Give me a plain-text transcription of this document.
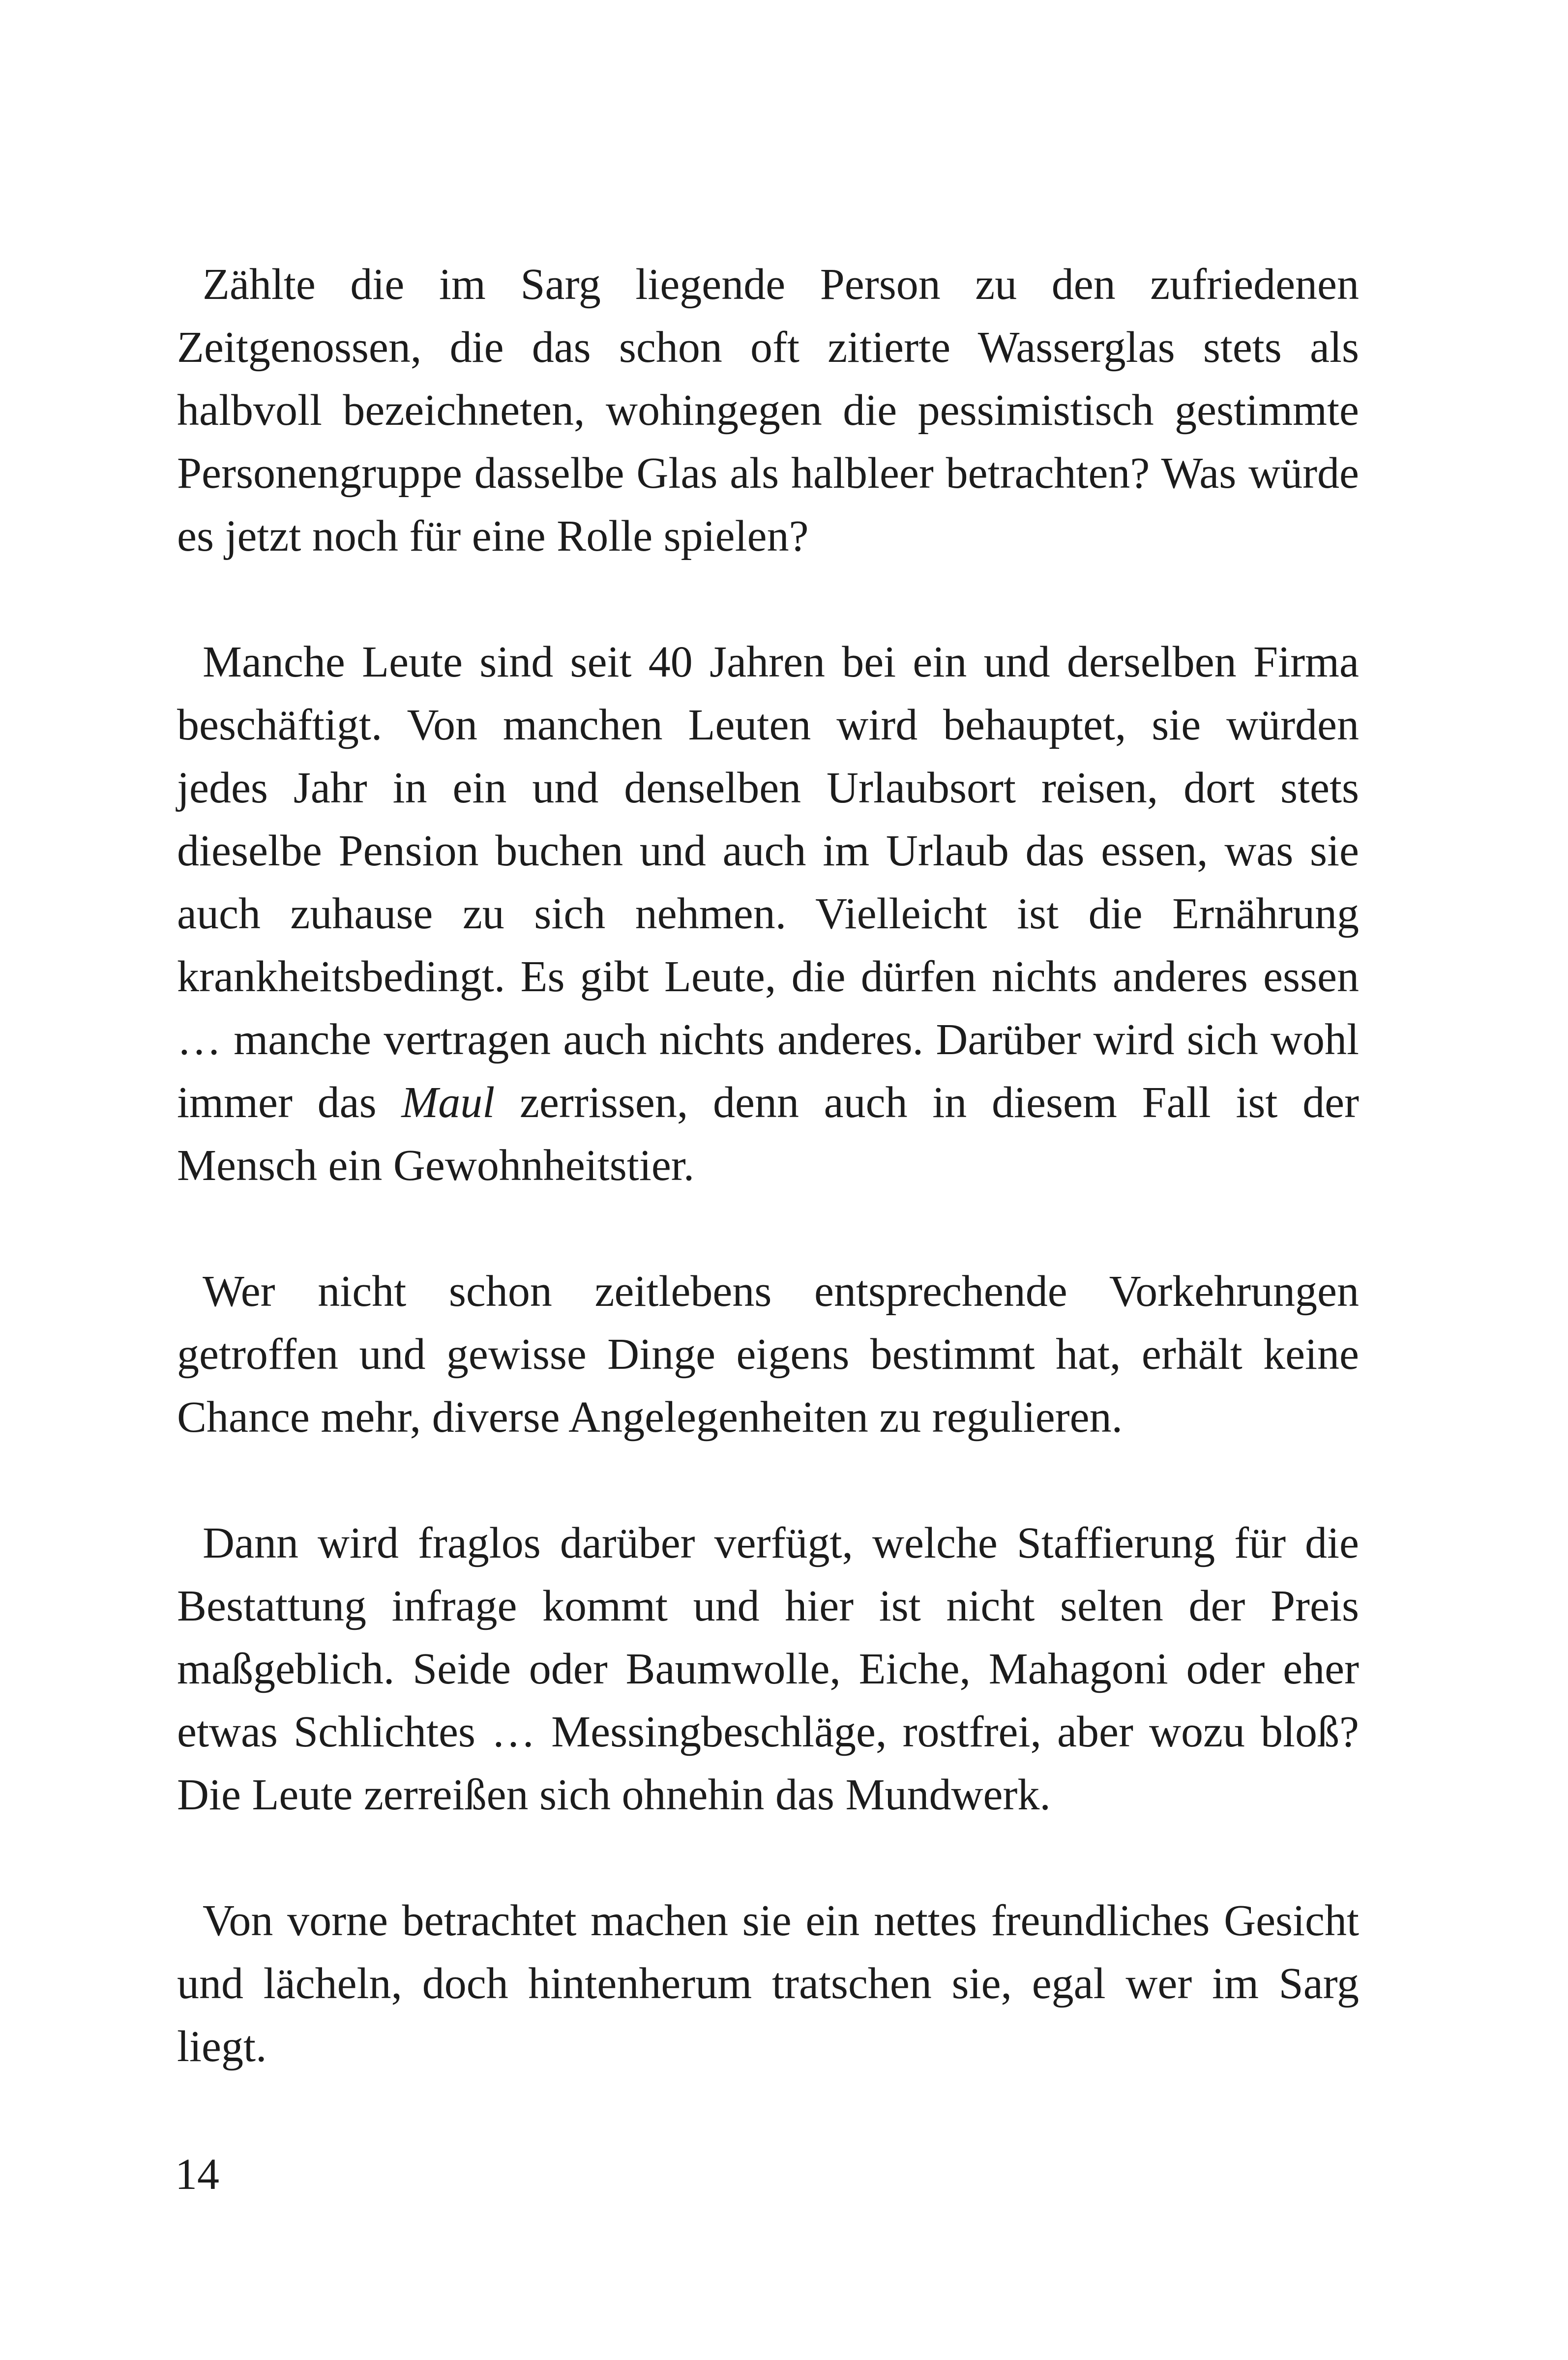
Zählte die im Sarg liegende Person zu den zufriedenen Zeitgenossen, die das schon oft zitierte Wasserglas stets als halbvoll bezeichneten, wohingegen die pessimistisch gestimmte Personengruppe dasselbe Glas als halbleer betrachten? Was würde es jetzt noch für eine Rolle spielen?

Manche Leute sind seit 40 Jahren bei ein und derselben Firma beschäftigt. Von manchen Leuten wird behauptet, sie würden jedes Jahr in ein und denselben Urlaubsort reisen, dort stets dieselbe Pension buchen und auch im Urlaub das essen, was sie auch zuhause zu sich nehmen. Vielleicht ist die Ernährung krankheitsbedingt. Es gibt Leute, die dürfen nichts anderes essen … manche vertragen auch nichts anderes. Darüber wird sich wohl immer das Maul zerrissen, denn auch in diesem Fall ist der Mensch ein Gewohnheitstier.

Wer nicht schon zeitlebens entsprechende Vorkehrungen getroffen und gewisse Dinge eigens bestimmt hat, erhält keine Chance mehr, diverse Angelegenheiten zu regulieren.

Dann wird fraglos darüber verfügt, welche Staffierung für die Bestattung infrage kommt und hier ist nicht selten der Preis maßgeblich. Seide oder Baumwolle, Eiche, Mahagoni oder eher etwas Schlichtes … Messingbeschläge, rostfrei, aber wozu bloß? Die Leute zerreißen sich ohnehin das Mundwerk.

Von vorne betrachtet machen sie ein nettes freundliches Gesicht und lächeln, doch hintenherum tratschen sie, egal wer im Sarg liegt.

14
